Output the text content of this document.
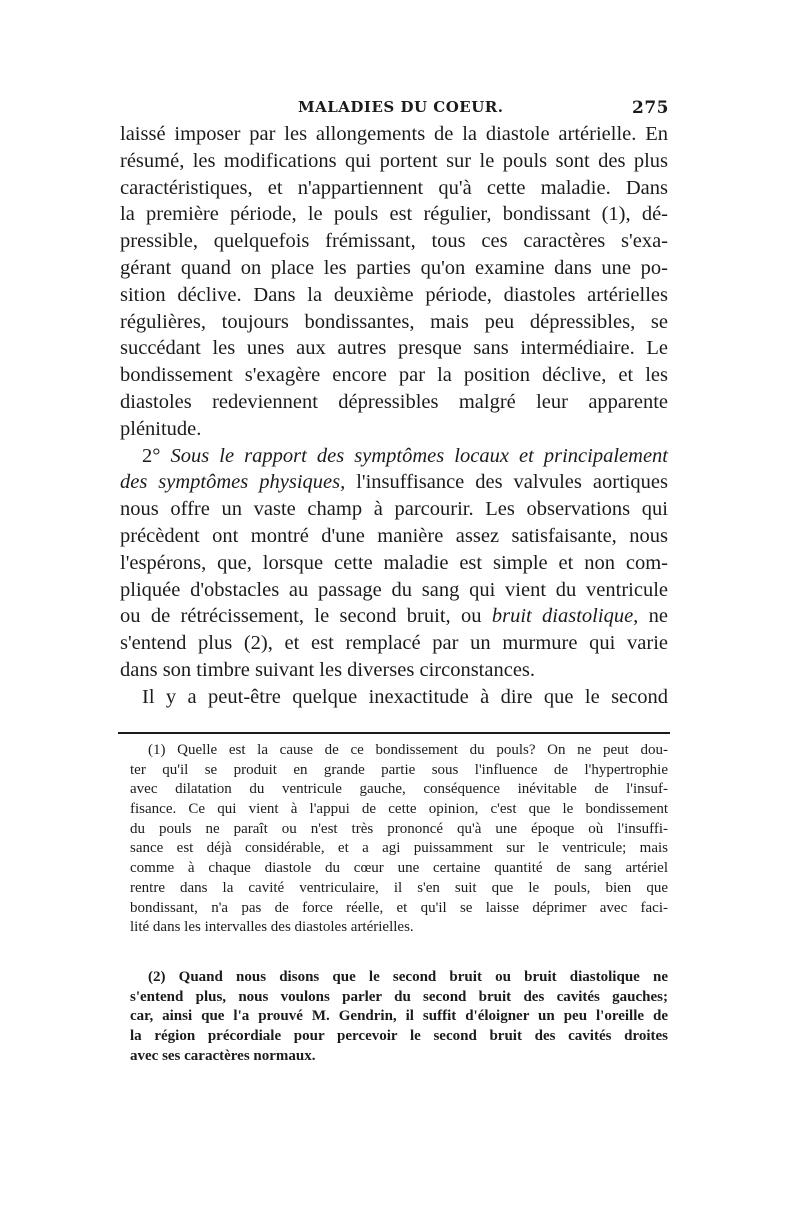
MALADIES DU COEUR.	275
laissé imposer par les allongements de la diastole artérielle. En
résumé, les modifications qui portent sur le pouls sont des plus
caractéristiques, et n'appartiennent qu'à cette maladie. Dans
la première période, le pouls est régulier, bondissant (1), dé-
pressible, quelquefois frémissant, tous ces caractères s'exa-
gérant quand on place les parties qu'on examine dans une po-
sition déclive. Dans la deuxième période, diastoles artérielles
régulières, toujours bondissantes, mais peu dépressibles, se
succédant les unes aux autres presque sans intermédiaire. Le
bondissement s'exagère encore par la position déclive, et les
diastoles redeviennent dépressibles malgré leur apparente
plénitude.
2° Sous le rapport des symptômes locaux et principalement
des symptômes physiques, l'insuffisance des valvules aortiques
nous offre un vaste champ à parcourir. Les observations qui
précèdent ont montré d'une manière assez satisfaisante, nous
l'espérons, que, lorsque cette maladie est simple et non com-
pliquée d'obstacles au passage du sang qui vient du ventricule
ou de rétrécissement, le second bruit, ou bruit diastolique, ne
s'entend plus (2), et est remplacé par un murmure qui varie
dans son timbre suivant les diverses circonstances.
Il y a peut-être quelque inexactitude à dire que le second
(1) Quelle est la cause de ce bondissement du pouls? On ne peut dou-
ter qu'il se produit en grande partie sous l'influence de l'hypertrophie
avec dilatation du ventricule gauche, conséquence inévitable de l'insuf-
fisance. Ce qui vient à l'appui de cette opinion, c'est que le bondissement
du pouls ne paraît ou n'est très prononcé qu'à une époque où l'insuffi-
sance est déjà considérable, et a agi puissamment sur le ventricule; mais
comme à chaque diastole du cœur une certaine quantité de sang artériel
rentre dans la cavité ventriculaire, il s'en suit que le pouls, bien que
bondissant, n'a pas de force réelle, et qu'il se laisse déprimer avec faci-
lité dans les intervalles des diastoles artérielles.
(2) Quand nous disons que le second bruit ou bruit diastolique ne
s'entend plus, nous voulons parler du second bruit des cavités gauches;
car, ainsi que l'a prouvé M. Gendrin, il suffit d'éloigner un peu l'oreille de
la région précordiale pour percevoir le second bruit des cavités droites
avec ses caractères normaux.
